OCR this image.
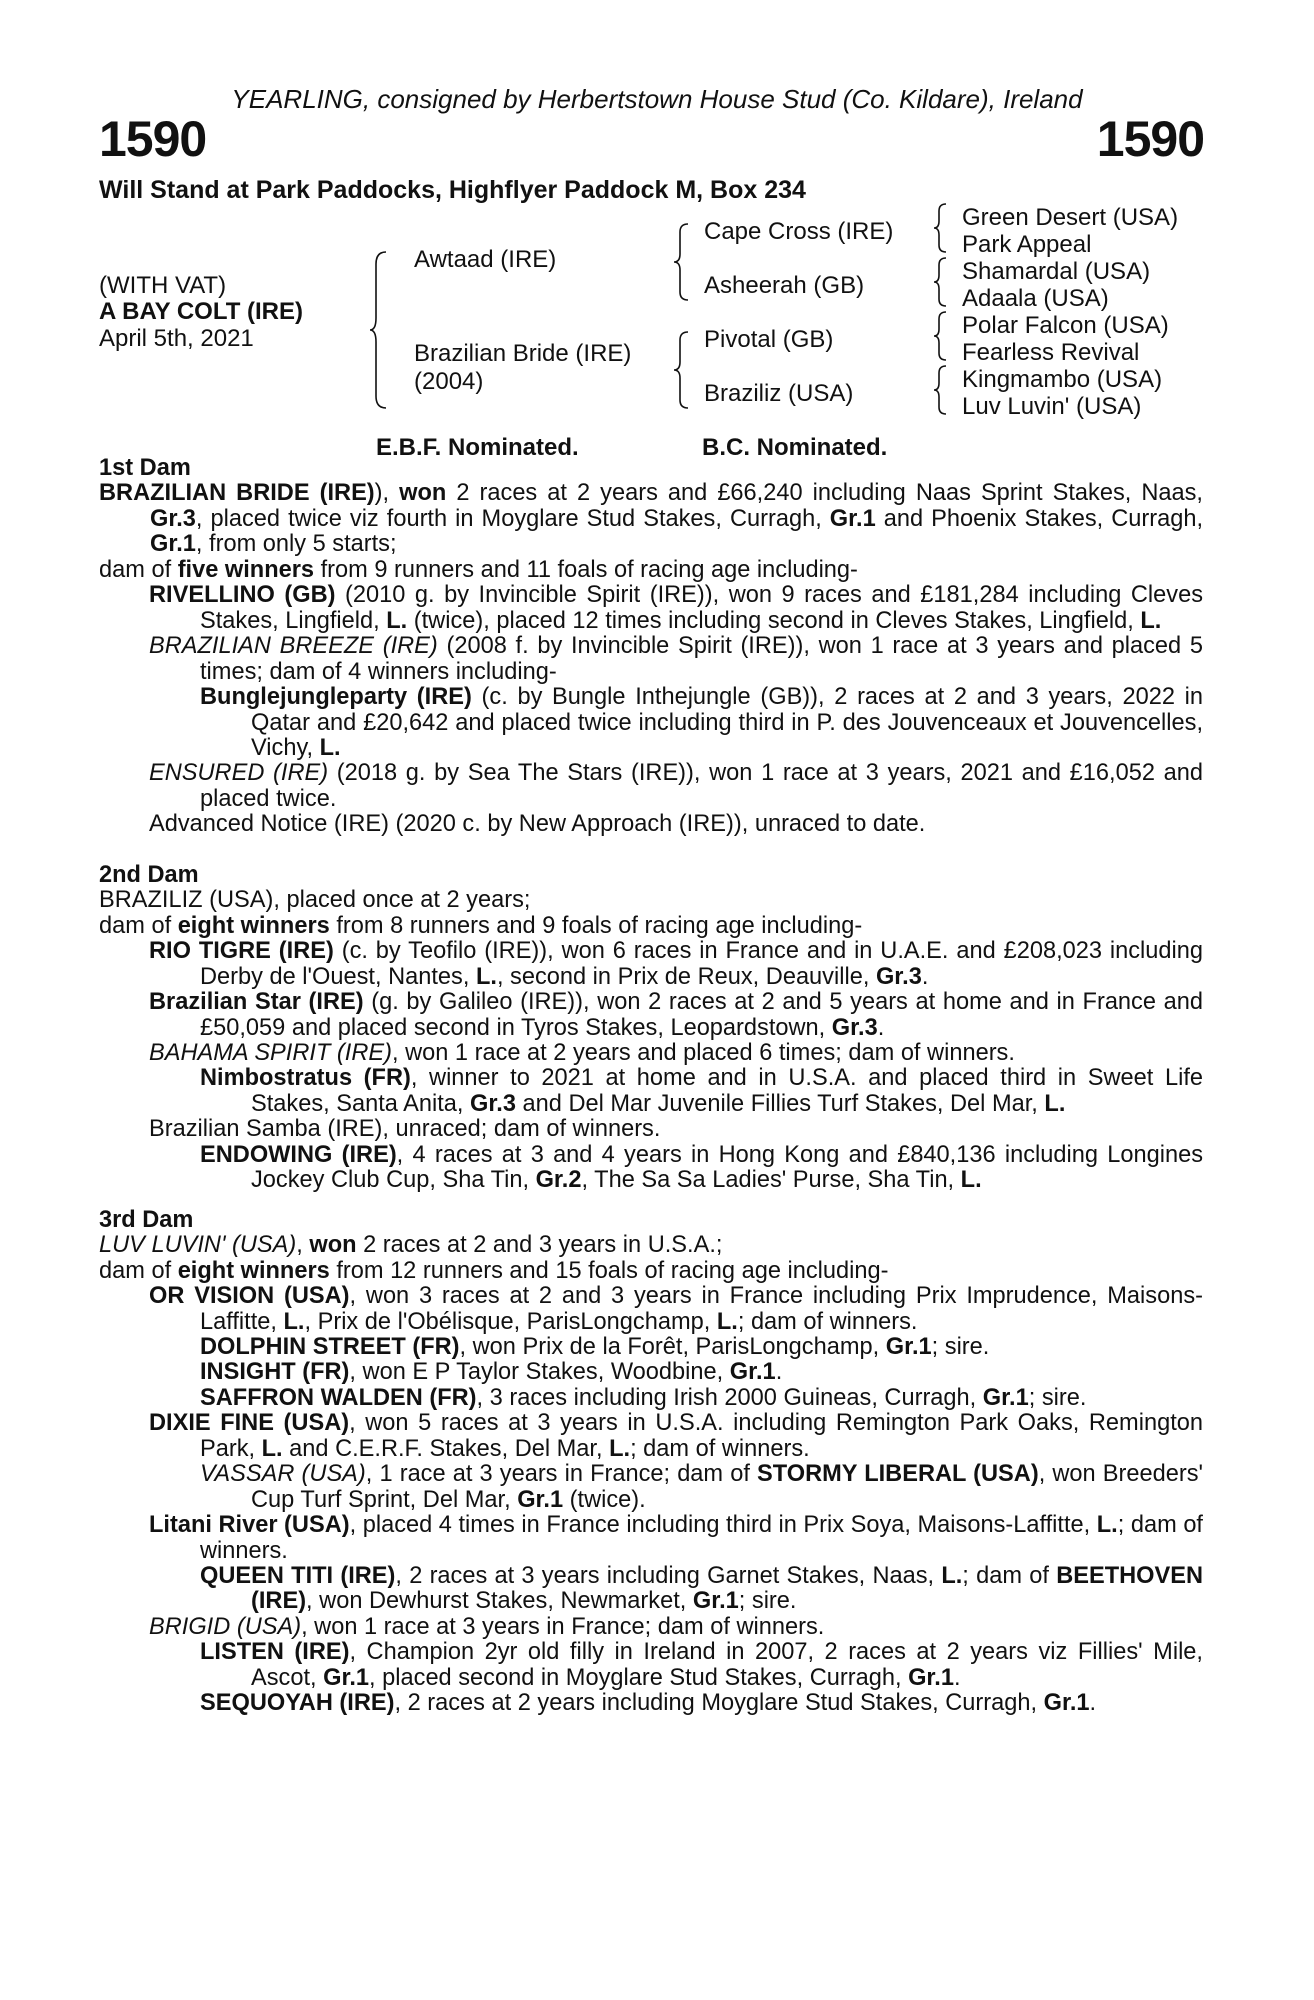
YEARLING, consigned by Herbertstown House Stud (Co. Kildare), Ireland
1590	1590
Will Stand at Park Paddocks, Highflyer Paddock M, Box 234
(WITH VAT)
A BAY COLT (IRE)
April 5th, 2021
Awtaad (IRE)
Brazilian Bride (IRE)
(2004)
Cape Cross (IRE)
Asheerah (GB)
Pivotal (GB)
Braziliz (USA)
Green Desert (USA)
Park Appeal
Shamardal (USA)
Adaala (USA)
Polar Falcon (USA)
Fearless Revival
Kingmambo (USA)
Luv Luvin' (USA)
E.B.F. Nominated.	B.C. Nominated.

1st Dam

BRAZILIAN BRIDE (IRE)), won 2 races at 2 years and £66,240 including Naas Sprint Stakes, Naas, Gr.3, placed twice viz fourth in Moyglare Stud Stakes, Curragh, Gr.1 and Phoenix Stakes, Curragh, Gr.1, from only 5 starts;

dam of five winners from 9 runners and 11 foals of racing age including-

RIVELLINO (GB) (2010 g. by Invincible Spirit (IRE)), won 9 races and £181,284 including Cleves Stakes, Lingfield, L. (twice), placed 12 times including second in Cleves Stakes, Lingfield, L.

BRAZILIAN BREEZE (IRE) (2008 f. by Invincible Spirit (IRE)), won 1 race at 3 years and placed 5 times; dam of 4 winners including-

Bunglejungleparty (IRE) (c. by Bungle Inthejungle (GB)), 2 races at 2 and 3 years, 2022 in Qatar and £20,642 and placed twice including third in P. des Jouvenceaux et Jouvencelles, Vichy, L.

ENSURED (IRE) (2018 g. by Sea The Stars (IRE)), won 1 race at 3 years, 2021 and £16,052 and placed twice.

Advanced Notice (IRE) (2020 c. by New Approach (IRE)), unraced to date.

2nd Dam

BRAZILIZ (USA), placed once at 2 years;

dam of eight winners from 8 runners and 9 foals of racing age including-

RIO TIGRE (IRE) (c. by Teofilo (IRE)), won 6 races in France and in U.A.E. and £208,023 including Derby de l'Ouest, Nantes, L., second in Prix de Reux, Deauville, Gr.3.

Brazilian Star (IRE) (g. by Galileo (IRE)), won 2 races at 2 and 5 years at home and in France and £50,059 and placed second in Tyros Stakes, Leopardstown, Gr.3.

BAHAMA SPIRIT (IRE), won 1 race at 2 years and placed 6 times; dam of winners.

Nimbostratus (FR), winner to 2021 at home and in U.S.A. and placed third in Sweet Life Stakes, Santa Anita, Gr.3 and Del Mar Juvenile Fillies Turf Stakes, Del Mar, L.

Brazilian Samba (IRE), unraced; dam of winners.

ENDOWING (IRE), 4 races at 3 and 4 years in Hong Kong and £840,136 including Longines Jockey Club Cup, Sha Tin, Gr.2, The Sa Sa Ladies' Purse, Sha Tin, L.

3rd Dam

LUV LUVIN' (USA), won 2 races at 2 and 3 years in U.S.A.;

dam of eight winners from 12 runners and 15 foals of racing age including-

OR VISION (USA), won 3 races at 2 and 3 years in France including Prix Imprudence, Maisons-Laffitte, L., Prix de l'Obélisque, ParisLongchamp, L.; dam of winners.

DOLPHIN STREET (FR), won Prix de la Forêt, ParisLongchamp, Gr.1; sire.

INSIGHT (FR), won E P Taylor Stakes, Woodbine, Gr.1.

SAFFRON WALDEN (FR), 3 races including Irish 2000 Guineas, Curragh, Gr.1; sire.

DIXIE FINE (USA), won 5 races at 3 years in U.S.A. including Remington Park Oaks, Remington Park, L. and C.E.R.F. Stakes, Del Mar, L.; dam of winners.

VASSAR (USA), 1 race at 3 years in France; dam of STORMY LIBERAL (USA), won Breeders' Cup Turf Sprint, Del Mar, Gr.1 (twice).

Litani River (USA), placed 4 times in France including third in Prix Soya, Maisons-Laffitte, L.; dam of winners.

QUEEN TITI (IRE), 2 races at 3 years including Garnet Stakes, Naas, L.; dam of BEETHOVEN (IRE), won Dewhurst Stakes, Newmarket, Gr.1; sire.

BRIGID (USA), won 1 race at 3 years in France; dam of winners.

LISTEN (IRE), Champion 2yr old filly in Ireland in 2007, 2 races at 2 years viz Fillies' Mile, Ascot, Gr.1, placed second in Moyglare Stud Stakes, Curragh, Gr.1.

SEQUOYAH (IRE), 2 races at 2 years including Moyglare Stud Stakes, Curragh, Gr.1.
